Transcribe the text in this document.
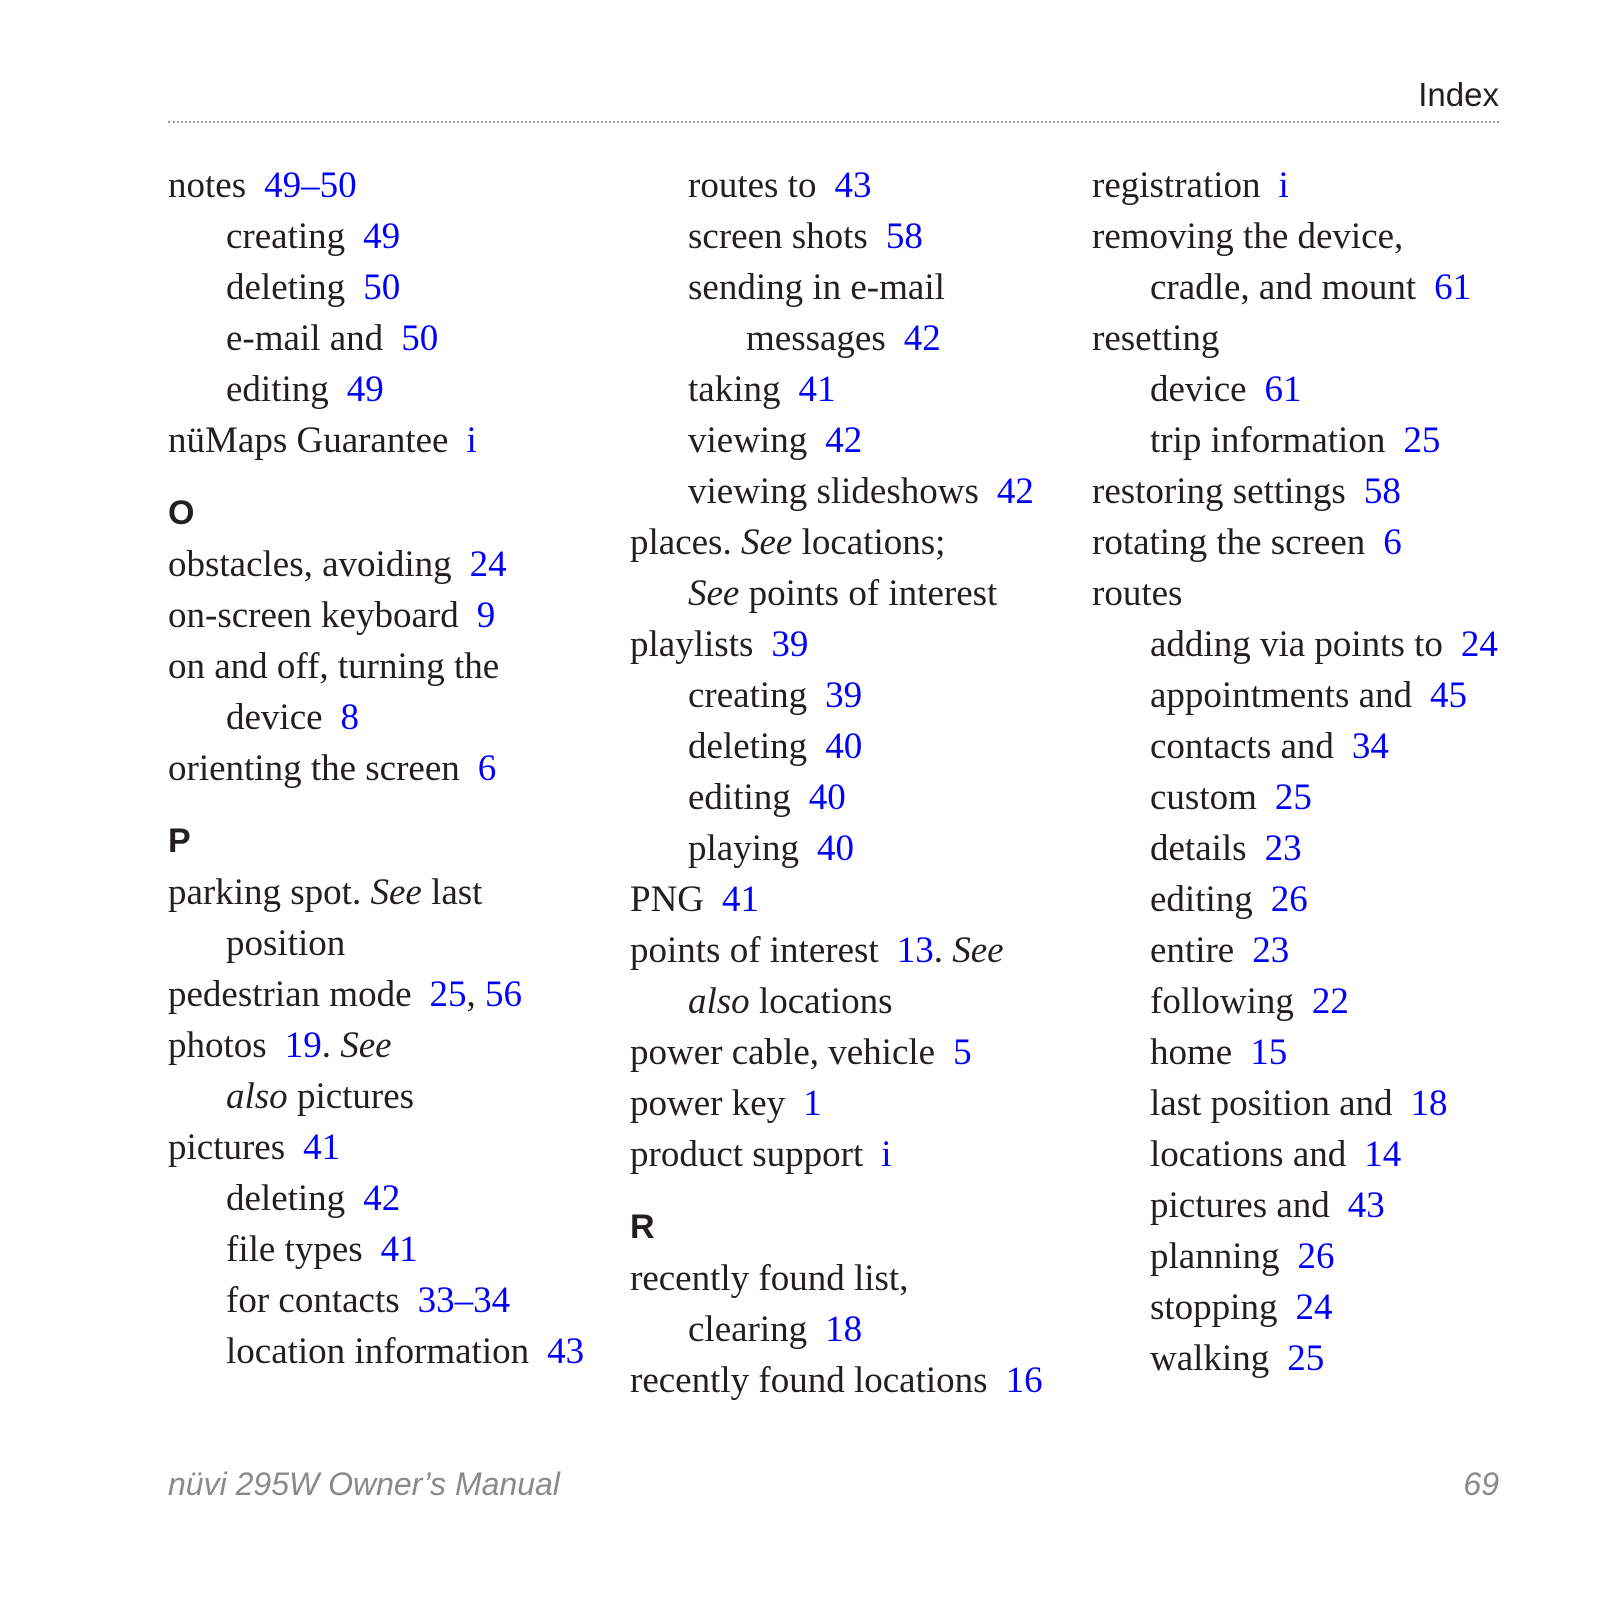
Index
notes 49–50
creating 49
deleting 50
e-mail and 50
editing 49
nüMaps Guarantee i
O
obstacles, avoiding 24
on-screen keyboard 9
on and off, turning the
device 8
orienting the screen 6
P
parking spot. See last
position
pedestrian mode 25, 56
photos 19. See
also pictures
pictures 41
deleting 42
file types 41
for contacts 33–34
location information 43
routes to 43
screen shots 58
sending in e-mail
messages 42
taking 41
viewing 42
viewing slideshows 42
places. See locations;
See points of interest
playlists 39
creating 39
deleting 40
editing 40
playing 40
PNG 41
points of interest 13. See
also locations
power cable, vehicle 5
power key 1
product support i
R
recently found list,
clearing 18
recently found locations 16
registration i
removing the device,
cradle, and mount 61
resetting
device 61
trip information 25
restoring settings 58
rotating the screen 6
routes
adding via points to 24
appointments and 45
contacts and 34
custom 25
details 23
editing 26
entire 23
following 22
home 15
last position and 18
locations and 14
pictures and 43
planning 26
stopping 24
walking 25
nüvi 295W Owner’s Manual	69
